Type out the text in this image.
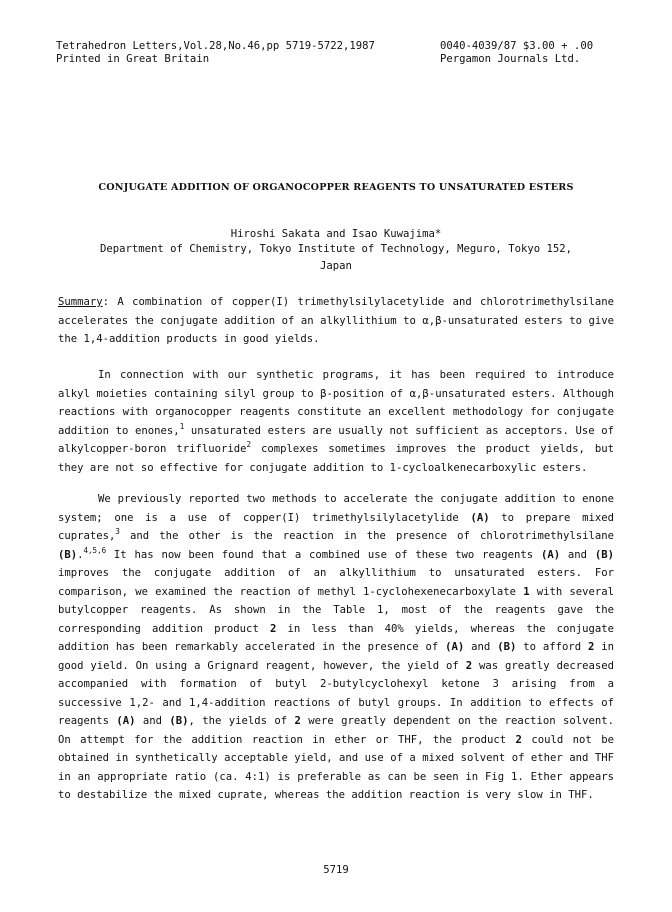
Tetrahedron Letters,Vol.28,No.46,pp 5719-5722,1987
Printed in Great Britain
0040-4039/87 $3.00 + .00
Pergamon Journals Ltd.
CONJUGATE ADDITION OF ORGANOCOPPER REAGENTS TO UNSATURATED ESTERS
Hiroshi Sakata and Isao Kuwajima*
Department of Chemistry, Tokyo Institute of Technology, Meguro, Tokyo 152,
Japan
Summary: A combination of copper(I) trimethylsilylacetylide and chlorotrimethylsilane accelerates the conjugate addition of an alkyllithium to α,β-unsaturated esters to give the 1,4-addition products in good yields.
In connection with our synthetic programs, it has been required to introduce alkyl moieties containing silyl group to β-position of α,β-unsaturated esters. Although reactions with organocopper reagents constitute an excellent methodology for conjugate addition to enones,$^1$ unsaturated esters are usually not sufficient as acceptors. Use of alkylcopper-boron trifluoride$^2$ complexes sometimes improves the product yields, but they are not so effective for conjugate addition to 1-cycloalkenecarboxylic esters.
We previously reported two methods to accelerate the conjugate addition to enone system; one is a use of copper(I) trimethylsilylacetylide (A) to prepare mixed cuprates,$^3$ and the other is the reaction in the presence of chlorotrimethylsilane (B).$^{4,5,6}$ It has now been found that a combined use of these two reagents (A) and (B) improves the conjugate addition of an alkyllithium to unsaturated esters. For comparison, we examined the reaction of methyl 1-cyclohexenecarboxylate 1 with several butylcopper reagents. As shown in the Table 1, most of the reagents gave the corresponding addition product 2 in less than 40% yields, whereas the conjugate addition has been remarkably accelerated in the presence of (A) and (B) to afford 2 in good yield. On using a Grignard reagent, however, the yield of 2 was greatly decreased accompanied with formation of butyl 2-butylcyclohexyl ketone 3 arising from a successive 1,2- and 1,4-addition reactions of butyl groups. In addition to effects of reagents (A) and (B), the yields of 2 were greatly dependent on the reaction solvent. On attempt for the addition reaction in ether or THF, the product 2 could not be obtained in synthetically acceptable yield, and use of a mixed solvent of ether and THF in an appropriate ratio (ca. 4:1) is preferable as can be seen in Fig 1. Ether appears to destabilize the mixed cuprate, whereas the addition reaction is very slow in THF.
5719
